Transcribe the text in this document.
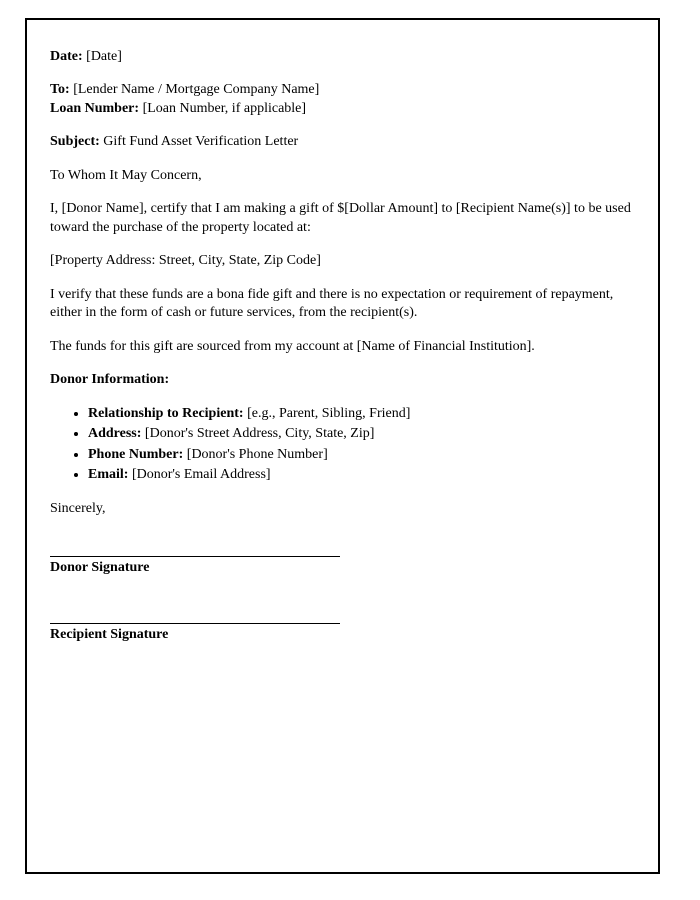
Date: [Date]

To: [Lender Name / Mortgage Company Name]

Loan Number: [Loan Number, if applicable]

Subject: Gift Fund Asset Verification Letter

To Whom It May Concern,

I, [Donor Name], certify that I am making a gift of $[Dollar Amount] to [Recipient Name(s)] to be used toward the purchase of the property located at:

[Property Address: Street, City, State, Zip Code]

I verify that these funds are a bona fide gift and there is no expectation or requirement of repayment, either in the form of cash or future services, from the recipient(s).

The funds for this gift are sourced from my account at [Name of Financial Institution].

Donor Information:

• Relationship to Recipient: [e.g., Parent, Sibling, Friend]
• Address: [Donor's Street Address, City, State, Zip]
• Phone Number: [Donor's Phone Number]
• Email: [Donor's Email Address]

Sincerely,

Donor Signature

Recipient Signature
